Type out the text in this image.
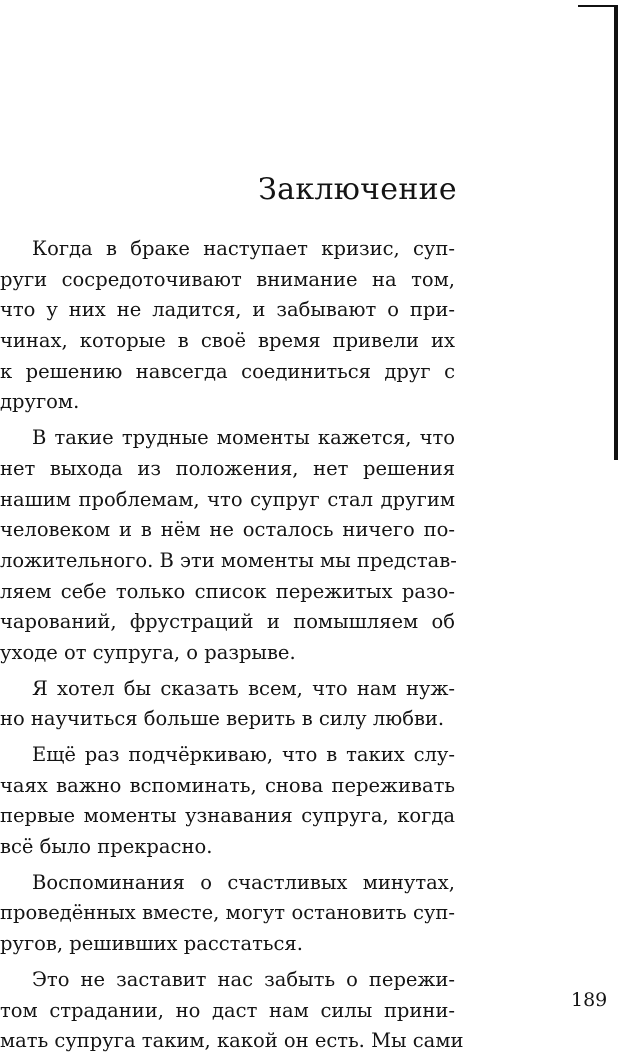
Заключение
Когда в браке наступает кризис, суп-
руги сосредоточивают внимание на том,
что у них не ладится, и забывают о при-
чинах, которые в своё время привели их
к решению навсегда соединиться друг с
другом.
В такие трудные моменты кажется, что
нет выхода из положения, нет решения
нашим проблемам, что супруг стал другим
человеком и в нём не осталось ничего по-
ложительного. В эти моменты мы представ-
ляем себе только список пережитых разо-
чарований, фрустраций и помышляем об
уходе от супруга, о разрыве.
Я хотел бы сказать всем, что нам нуж-
но научиться больше верить в силу любви.
Ещё раз подчёркиваю, что в таких слу-
чаях важно вспоминать, снова переживать
первые моменты узнавания супруга, когда
всё было прекрасно.
Воспоминания о счастливых минутах,
проведённых вместе, могут остановить суп-
ругов, решивших расстаться.
Это не заставит нас забыть о пережи-
том страдании, но даст нам силы прини-
мать супруга таким, какой он есть. Мы сами
189
